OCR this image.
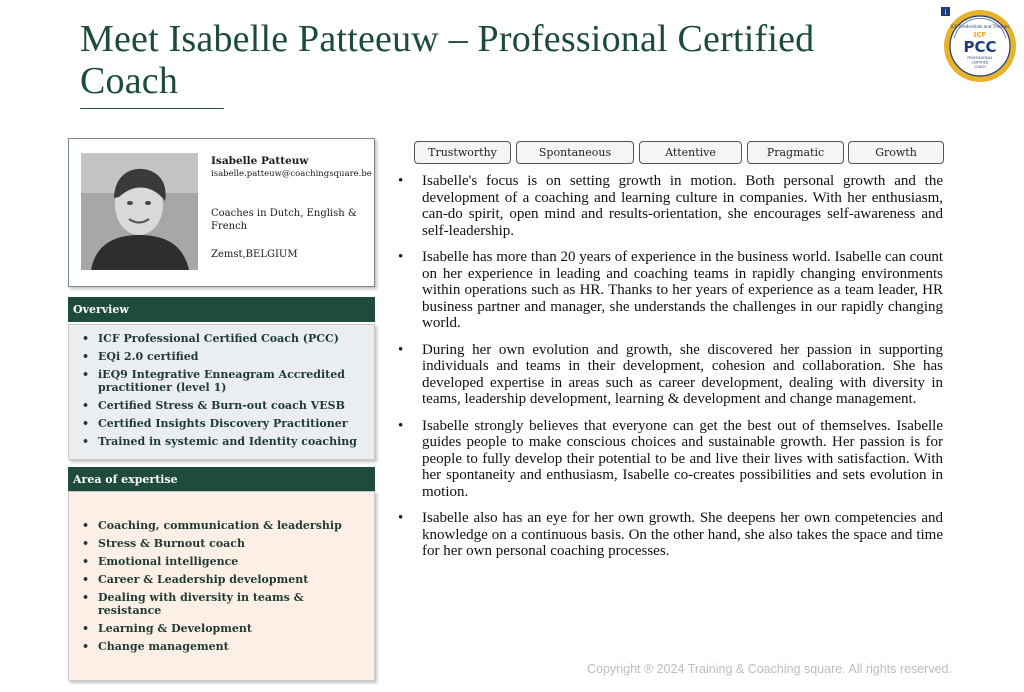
Meet Isabelle Patteeuw – Professional Certified Coach
i
ICF Credentials and Themes
ICF
PCC
PROFESSIONAL
CERTIFIED
COACH
Isabelle Patteuw
isabelle.patteuw@coachingsquare.be
Coaches in Dutch, English & French
Zemst,BELGIUM
Overview
• ICF Professional Certified Coach (PCC)
• EQi 2.0 certified
• iEQ9 Integrative Enneagram Accredited practitioner (level 1)
• Certified Stress & Burn-out coach VESB
• Certified Insights Discovery Practitioner
• Trained in systemic and Identity coaching
Area of expertise
• Coaching, communication & leadership
• Stress & Burnout coach
• Emotional intelligence
• Career & Leadership development
• Dealing with diversity in teams & resistance
• Learning & Development
• Change management
Trustworthy	Spontaneous	Attentive	Pragmatic	Growth
• Isabelle's focus is on setting growth in motion. Both personal growth and the development of a coaching and learning culture in companies. With her enthusiasm, can-do spirit, open mind and results-orientation, she encourages self-awareness and self-leadership.
• Isabelle has more than 20 years of experience in the business world. Isabelle can count on her experience in leading and coaching teams in rapidly changing environments within operations such as HR. Thanks to her years of experience as a team leader, HR business partner and manager, she understands the challenges in our rapidly changing world.
• During her own evolution and growth, she discovered her passion in supporting individuals and teams in their development, cohesion and collaboration. She has developed expertise in areas such as career development, dealing with diversity in teams, leadership development, learning & development and change management.
• Isabelle strongly believes that everyone can get the best out of themselves. Isabelle guides people to make conscious choices and sustainable growth. Her passion is for people to fully develop their potential to be and live their lives with satisfaction. With her spontaneity and enthusiasm, Isabelle co-creates possibilities and sets evolution in motion.
• Isabelle also has an eye for her own growth. She deepens her own competencies and knowledge on a continuous basis. On the other hand, she also takes the space and time for her own personal coaching processes.
Copyright ® 2024 Training & Coaching square. All rights reserved.
